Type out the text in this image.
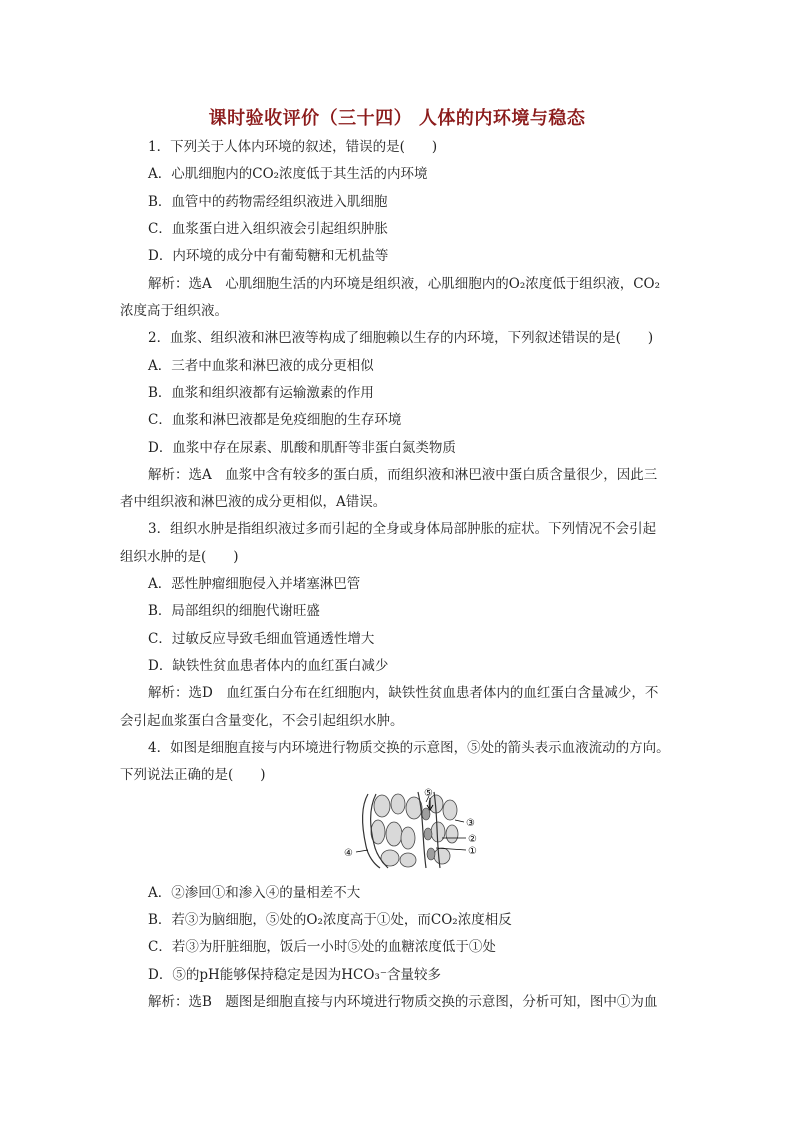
课时验收评价（三十四） 人体的内环境与稳态
1．下列关于人体内环境的叙述，错误的是(　　)
A．心肌细胞内的CO₂浓度低于其生活的内环境
B．血管中的药物需经组织液进入肌细胞
C．血浆蛋白进入组织液会引起组织肿胀
D．内环境的成分中有葡萄糖和无机盐等
解析：选A　心肌细胞生活的内环境是组织液，心肌细胞内的O₂浓度低于组织液，CO₂
浓度高于组织液。
2．血浆、组织液和淋巴液等构成了细胞赖以生存的内环境，下列叙述错误的是(　　)
A．三者中血浆和淋巴液的成分更相似
B．血浆和组织液都有运输激素的作用
C．血浆和淋巴液都是免疫细胞的生存环境
D．血浆中存在尿素、肌酸和肌酐等非蛋白氮类物质
解析：选A　血浆中含有较多的蛋白质，而组织液和淋巴液中蛋白质含量很少，因此三
者中组织液和淋巴液的成分更相似，A错误。
3．组织水肿是指组织液过多而引起的全身或身体局部肿胀的症状。下列情况不会引起
组织水肿的是(　　)
A．恶性肿瘤细胞侵入并堵塞淋巴管
B．局部组织的细胞代谢旺盛
C．过敏反应导致毛细血管通透性增大
D．缺铁性贫血患者体内的血红蛋白减少
解析：选D　血红蛋白分布在红细胞内，缺铁性贫血患者体内的血红蛋白含量减少，不
会引起血浆蛋白含量变化，不会引起组织水肿。
4．如图是细胞直接与内环境进行物质交换的示意图，⑤处的箭头表示血液流动的方向。
下列说法正确的是(　　)
⑤
③
②
①
④
A．②渗回①和渗入④的量相差不大
B．若③为脑细胞，⑤处的O₂浓度高于①处，而CO₂浓度相反
C．若③为肝脏细胞，饭后一小时⑤处的血糖浓度低于①处
D．⑤的pH能够保持稳定是因为HCO₃⁻含量较多
解析：选B　题图是细胞直接与内环境进行物质交换的示意图，分析可知，图中①为血
